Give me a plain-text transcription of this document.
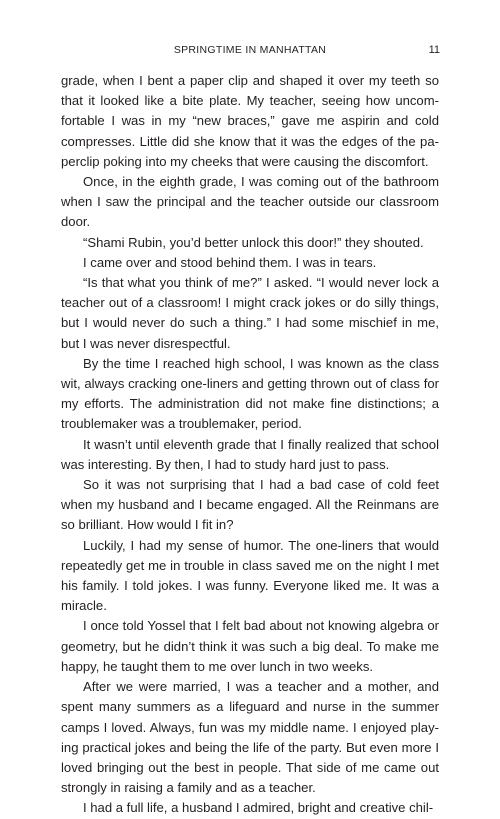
SPRINGTIME IN MANHATTAN	11

grade, when I bent a paper clip and shaped it over my teeth so that it looked like a bite plate. My teacher, seeing how uncomfortable I was in my “new braces,” gave me aspirin and cold compresses. Little did she know that it was the edges of the paperclip poking into my cheeks that were causing the discomfort.

Once, in the eighth grade, I was coming out of the bathroom when I saw the principal and the teacher outside our classroom door.

“Shami Rubin, you’d better unlock this door!” they shouted.

I came over and stood behind them. I was in tears.

“Is that what you think of me?” I asked. “I would never lock a teacher out of a classroom! I might crack jokes or do silly things, but I would never do such a thing.” I had some mischief in me, but I was never disrespectful.

By the time I reached high school, I was known as the class wit, always cracking one-liners and getting thrown out of class for my efforts. The administration did not make fine distinctions; a troublemaker was a troublemaker, period.

It wasn’t until eleventh grade that I finally realized that school was interesting. By then, I had to study hard just to pass.

So it was not surprising that I had a bad case of cold feet when my husband and I became engaged. All the Reinmans are so brilliant. How would I fit in?

Luckily, I had my sense of humor. The one-liners that would repeatedly get me in trouble in class saved me on the night I met his family. I told jokes. I was funny. Everyone liked me. It was a miracle.

I once told Yossel that I felt bad about not knowing algebra or geometry, but he didn’t think it was such a big deal. To make me happy, he taught them to me over lunch in two weeks.

After we were married, I was a teacher and a mother, and spent many summers as a lifeguard and nurse in the summer camps I loved. Always, fun was my middle name. I enjoyed playing practical jokes and being the life of the party. But even more I loved bringing out the best in people. That side of me came out strongly in raising a family and as a teacher.

I had a full life, a husband I admired, bright and creative chil-
